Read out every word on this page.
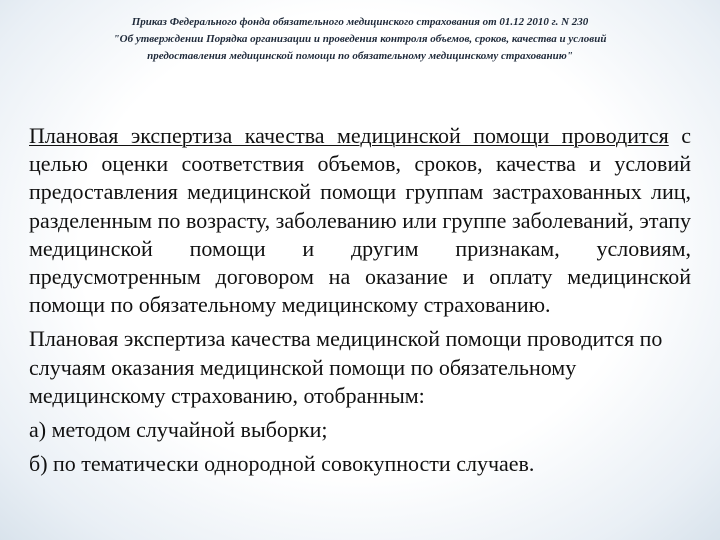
Приказ Федерального фонда обязательного медицинского страхования от 01.12 2010 г. N 230
"Об утверждении Порядка организации и проведения контроля объемов, сроков, качества и условий
предоставления медицинской помощи по обязательному медицинскому страхованию"

Плановая экспертиза качества медицинской помощи проводится с целью оценки соответствия объемов, сроков, качества и условий предоставления медицинской помощи группам застрахованных лиц, разделенным по возрасту, заболеванию или группе заболеваний, этапу медицинской помощи и другим признакам, условиям, предусмотренным договором на оказание и оплату медицинской помощи по обязательному медицинскому страхованию.

Плановая экспертиза качества медицинской помощи проводится по случаям оказания медицинской помощи по обязательному медицинскому страхованию, отобранным:

а) методом случайной выборки;

б) по тематически однородной совокупности случаев.
